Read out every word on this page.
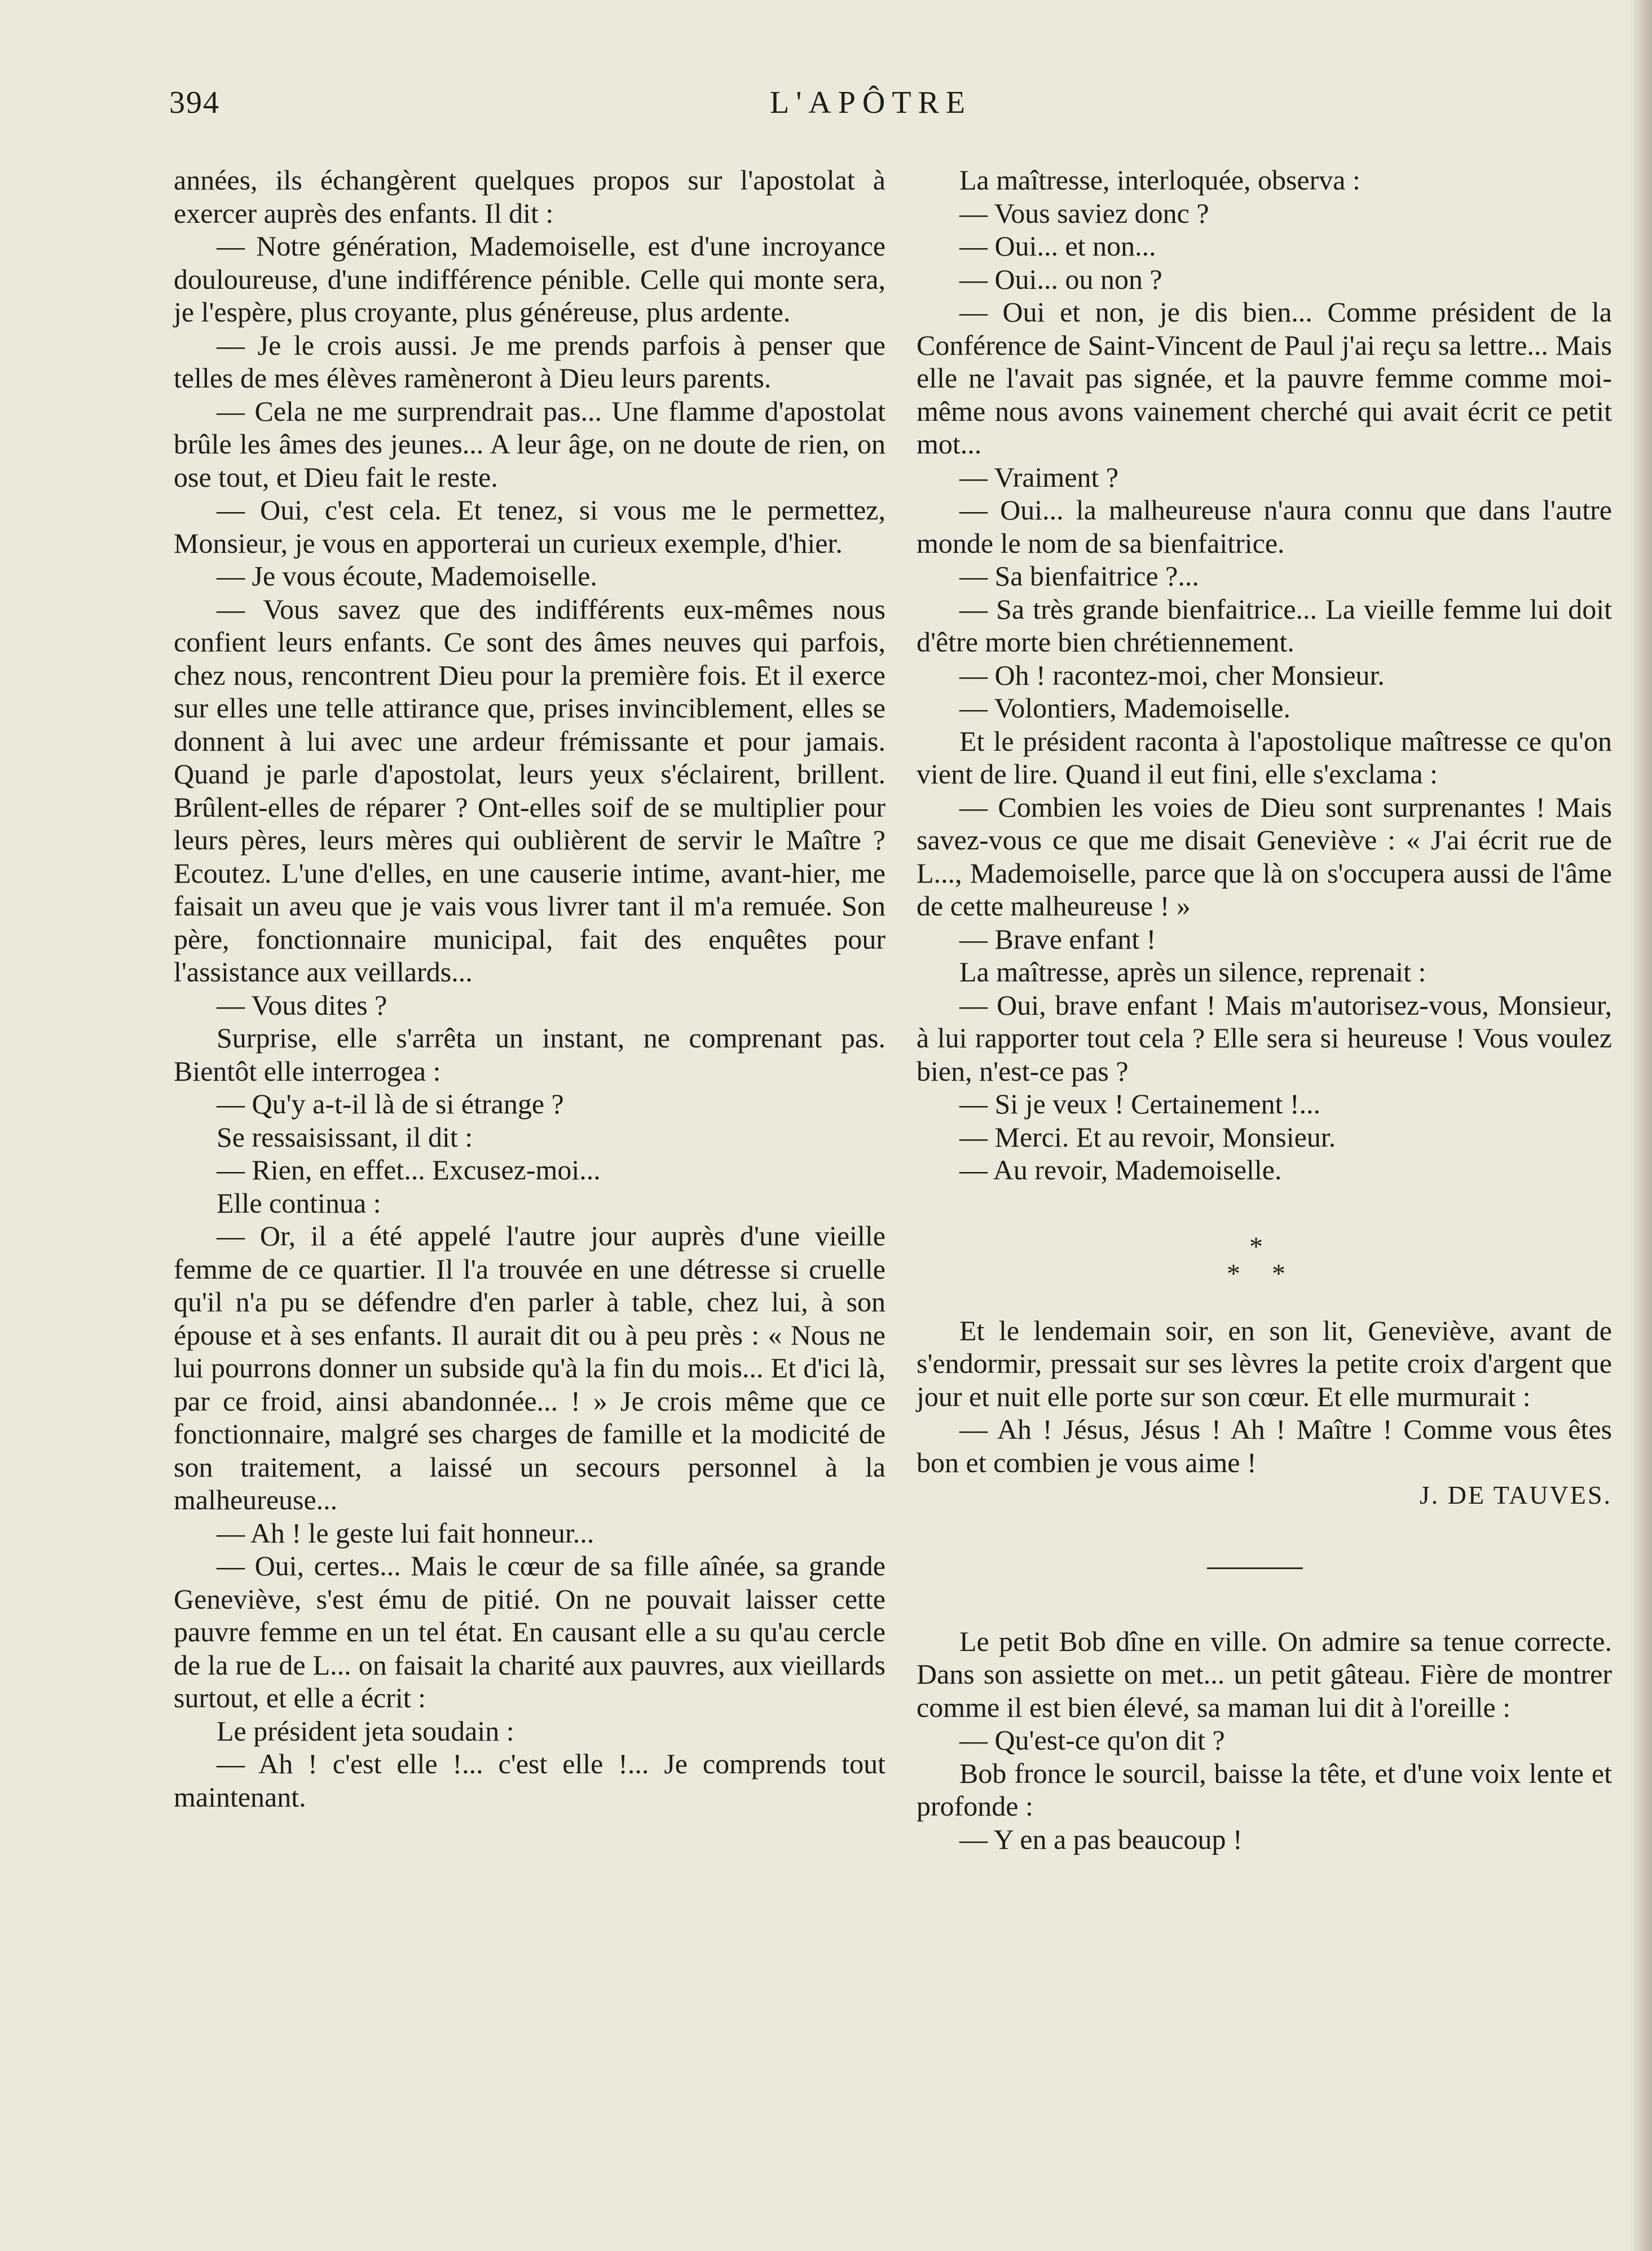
394	L'APÔTRE

années, ils échangèrent quelques propos sur l'apostolat à exercer auprès des enfants. Il dit :

— Notre génération, Mademoiselle, est d'une incroyance douloureuse, d'une indifférence pénible. Celle qui monte sera, je l'espère, plus croyante, plus généreuse, plus ardente.

— Je le crois aussi. Je me prends parfois à penser que telles de mes élèves ramèneront à Dieu leurs parents.

— Cela ne me surprendrait pas... Une flamme d'apostolat brûle les âmes des jeunes... A leur âge, on ne doute de rien, on ose tout, et Dieu fait le reste.

— Oui, c'est cela. Et tenez, si vous me le permettez, Monsieur, je vous en apporterai un curieux exemple, d'hier.

— Je vous écoute, Mademoiselle.

— Vous savez que des indifférents eux-mêmes nous confient leurs enfants. Ce sont des âmes neuves qui parfois, chez nous, rencontrent Dieu pour la première fois. Et il exerce sur elles une telle attirance que, prises invinciblement, elles se donnent à lui avec une ardeur frémissante et pour jamais. Quand je parle d'apostolat, leurs yeux s'éclairent, brillent. Brûlent-elles de réparer ? Ont-elles soif de se multiplier pour leurs pères, leurs mères qui oublièrent de servir le Maître ? Ecoutez. L'une d'elles, en une causerie intime, avant-hier, me faisait un aveu que je vais vous livrer tant il m'a remuée. Son père, fonctionnaire municipal, fait des enquêtes pour l'assistance aux veillards...

— Vous dites ?

Surprise, elle s'arrêta un instant, ne comprenant pas. Bientôt elle interrogea :

— Qu'y a-t-il là de si étrange ?

Se ressaisissant, il dit :

— Rien, en effet... Excusez-moi...

Elle continua :

— Or, il a été appelé l'autre jour auprès d'une vieille femme de ce quartier. Il l'a trouvée en une détresse si cruelle qu'il n'a pu se défendre d'en parler à table, chez lui, à son épouse et à ses enfants. Il aurait dit ou à peu près : « Nous ne lui pourrons donner un subside qu'à la fin du mois... Et d'ici là, par ce froid, ainsi abandonnée... ! » Je crois même que ce fonctionnaire, malgré ses charges de famille et la modicité de son traitement, a laissé un secours personnel à la malheureuse...

— Ah ! le geste lui fait honneur...

— Oui, certes... Mais le cœur de sa fille aînée, sa grande Geneviève, s'est ému de pitié. On ne pouvait laisser cette pauvre femme en un tel état. En causant elle a su qu'au cercle de la rue de L... on faisait la charité aux pauvres, aux vieillards surtout, et elle a écrit :

Le président jeta soudain :

— Ah ! c'est elle !... c'est elle !... Je comprends tout maintenant.

La maîtresse, interloquée, observa :

— Vous saviez donc ?

— Oui... et non...

— Oui... ou non ?

— Oui et non, je dis bien... Comme président de la Conférence de Saint-Vincent de Paul j'ai reçu sa lettre... Mais elle ne l'avait pas signée, et la pauvre femme comme moi-même nous avons vainement cherché qui avait écrit ce petit mot...

— Vraiment ?

— Oui... la malheureuse n'aura connu que dans l'autre monde le nom de sa bienfaitrice.

— Sa bienfaitrice ?...

— Sa très grande bienfaitrice... La vieille femme lui doit d'être morte bien chrétiennement.

— Oh ! racontez-moi, cher Monsieur.

— Volontiers, Mademoiselle.

Et le président raconta à l'apostolique maîtresse ce qu'on vient de lire. Quand il eut fini, elle s'exclama :

— Combien les voies de Dieu sont surprenantes ! Mais savez-vous ce que me disait Geneviève : « J'ai écrit rue de L..., Mademoiselle, parce que là on s'occupera aussi de l'âme de cette malheureuse ! »

— Brave enfant !

La maîtresse, après un silence, reprenait :

— Oui, brave enfant ! Mais m'autorisez-vous, Monsieur, à lui rapporter tout cela ? Elle sera si heureuse ! Vous voulez bien, n'est-ce pas ?

— Si je veux ! Certainement !...

— Merci. Et au revoir, Monsieur.

— Au revoir, Mademoiselle.

*
* *

Et le lendemain soir, en son lit, Geneviève, avant de s'endormir, pressait sur ses lèvres la petite croix d'argent que jour et nuit elle porte sur son cœur. Et elle murmurait :

— Ah ! Jésus, Jésus ! Ah ! Maître ! Comme vous êtes bon et combien je vous aime !

J. DE TAUVES.

Le petit Bob dîne en ville. On admire sa tenue correcte. Dans son assiette on met... un petit gâteau. Fière de montrer comme il est bien élevé, sa maman lui dit à l'oreille :

— Qu'est-ce qu'on dit ?

Bob fronce le sourcil, baisse la tête, et d'une voix lente et profonde :

— Y en a pas beaucoup !
